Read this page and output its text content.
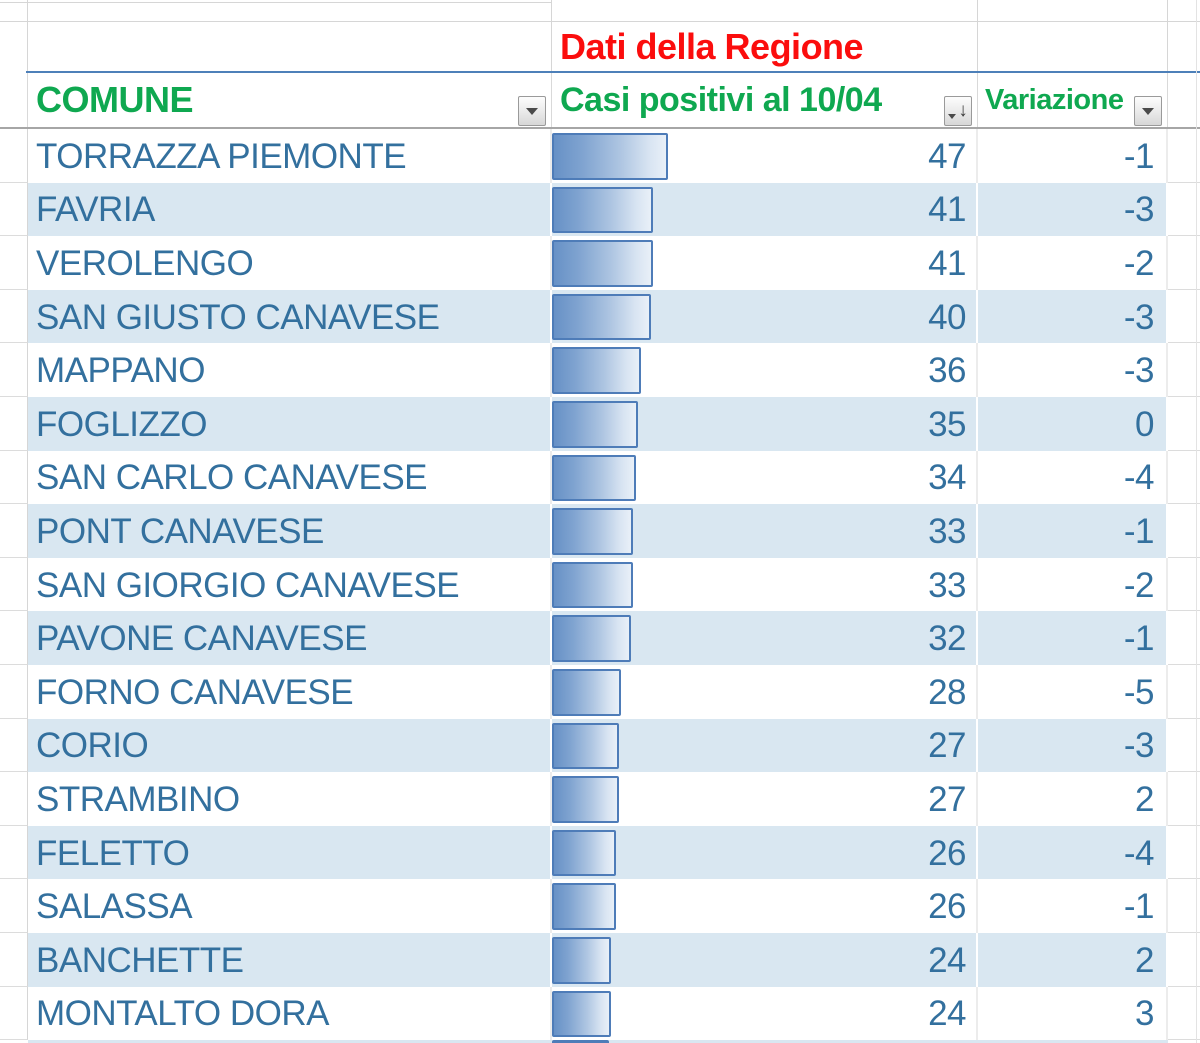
Dati della Regione
COMUNE	Casi positivi al 10/04	↓ Variazione
TORRAZZA PIEMONTE	47	-1
FAVRIA	41	-3
VEROLENGO	41	-2
SAN GIUSTO CANAVESE	40	-3
MAPPANO	36	-3
FOGLIZZO	35	0
SAN CARLO CANAVESE	34	-4
PONT CANAVESE	33	-1
SAN GIORGIO CANAVESE	33	-2
PAVONE CANAVESE	32	-1
FORNO CANAVESE	28	-5
CORIO	27	-3
STRAMBINO	27	2
FELETTO	26	-4
SALASSA	26	-1
BANCHETTE	24	2
MONTALTO DORA	24	3
